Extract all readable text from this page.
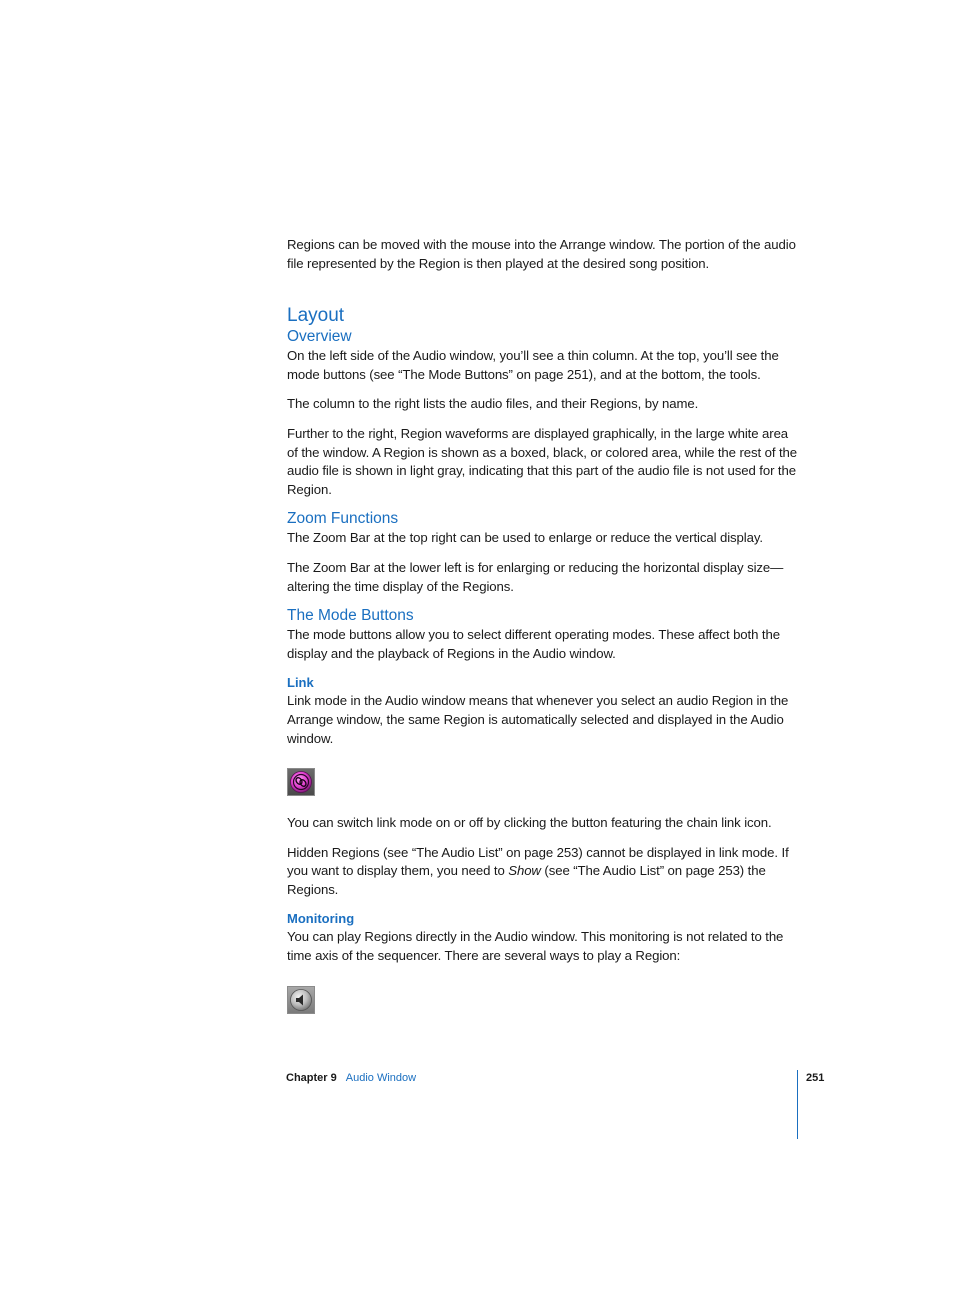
Regions can be moved with the mouse into the Arrange window. The portion of the audio file represented by the Region is then played at the desired song position.

Layout
Overview

On the left side of the Audio window, you’ll see a thin column. At the top, you’ll see the mode buttons (see “The Mode Buttons” on page 251), and at the bottom, the tools.

The column to the right lists the audio files, and their Regions, by name.

Further to the right, Region waveforms are displayed graphically, in the large white area of the window. A Region is shown as a boxed, black, or colored area, while the rest of the audio file is shown in light gray, indicating that this part of the audio file is not used for the Region.

Zoom Functions

The Zoom Bar at the top right can be used to enlarge or reduce the vertical display.

The Zoom Bar at the lower left is for enlarging or reducing the horizontal display size—altering the time display of the Regions.

The Mode Buttons

The mode buttons allow you to select different operating modes. These affect both the display and the playback of Regions in the Audio window.

Link

Link mode in the Audio window means that whenever you select an audio Region in the Arrange window, the same Region is automatically selected and displayed in the Audio window.

You can switch link mode on or off by clicking the button featuring the chain link icon.

Hidden Regions (see “The Audio List” on page 253) cannot be displayed in link mode. If you want to display them, you need to Show (see “The Audio List” on page 253) the Regions.

Monitoring

You can play Regions directly in the Audio window. This monitoring is not related to the time axis of the sequencer. There are several ways to play a Region:

Chapter 9 Audio Window	251
